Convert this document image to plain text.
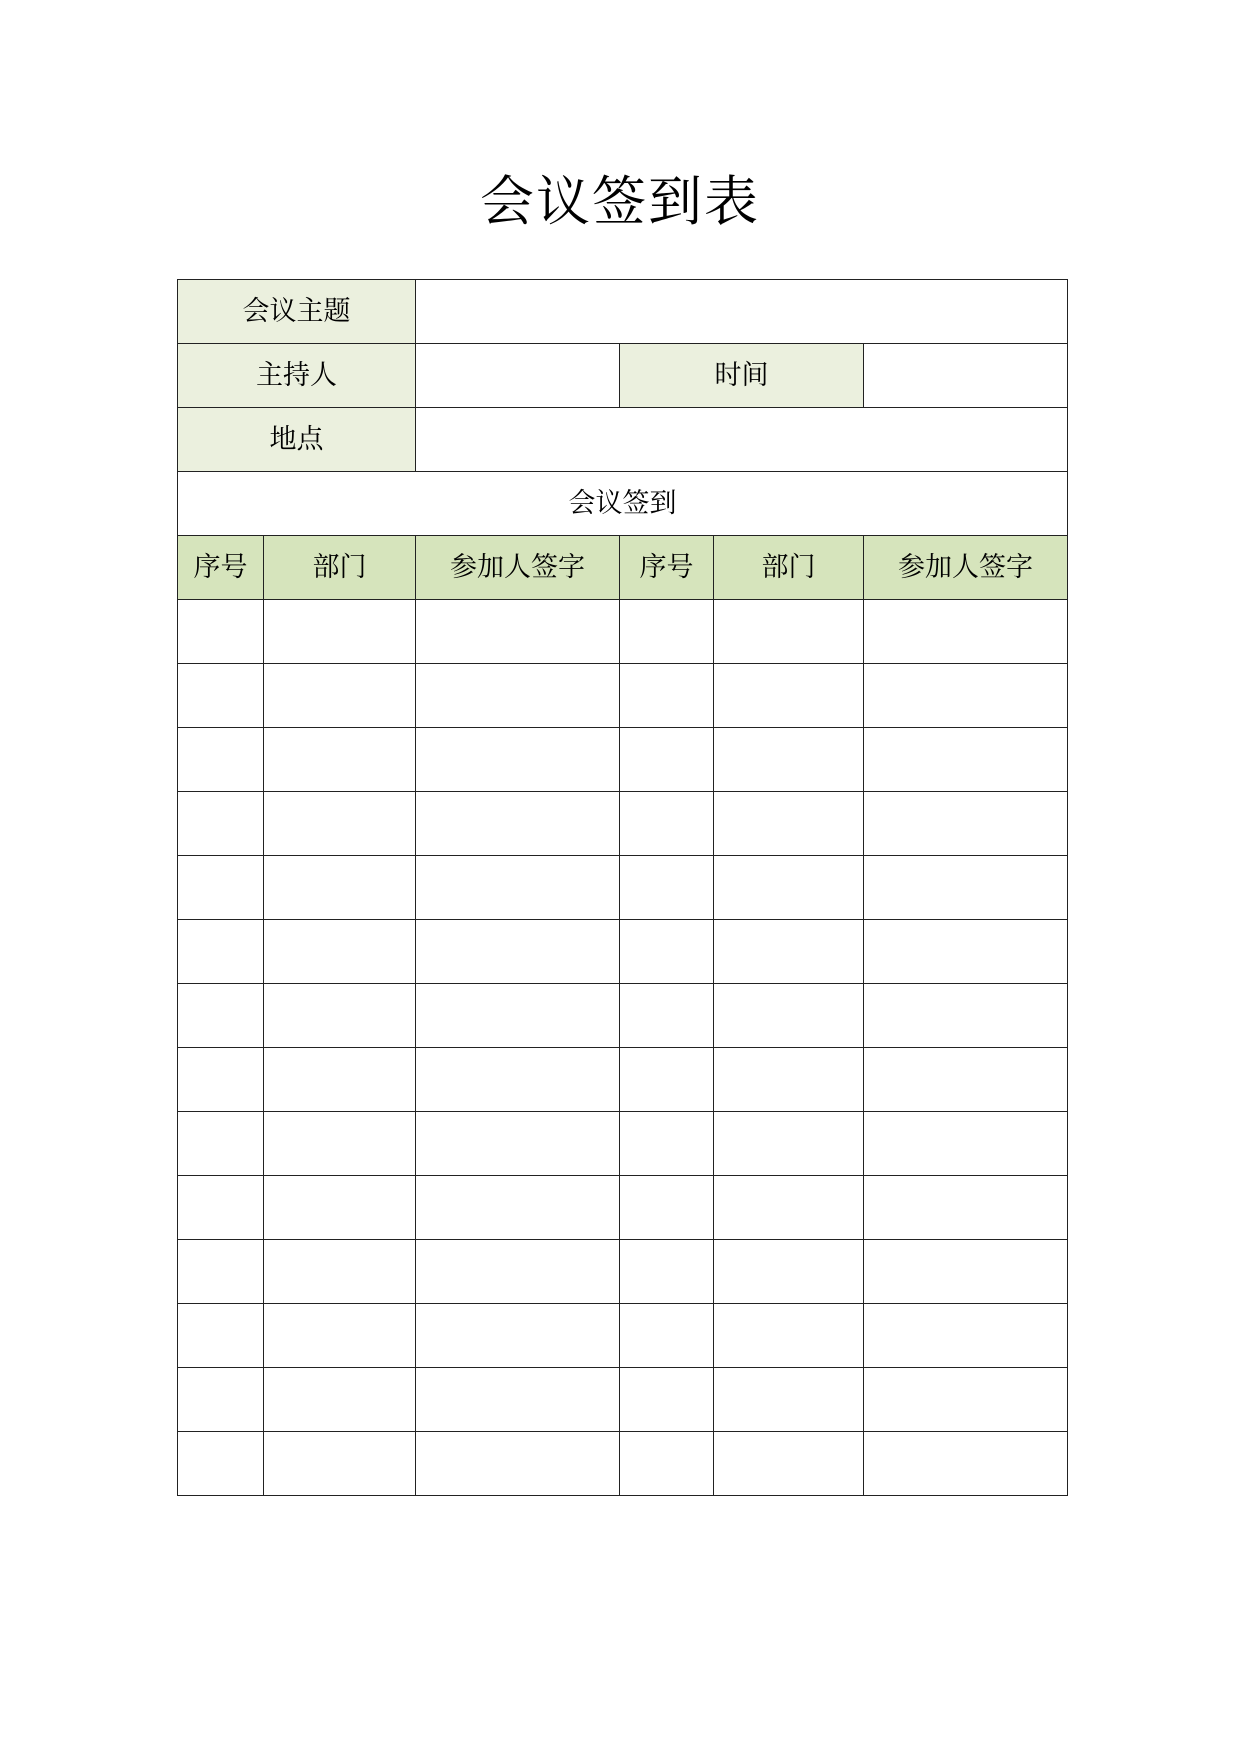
会议签到表
会议主题					
主持人			时间		
地点					
会议签到					
序号	部门	参加人签字	序号	部门	参加人签字
